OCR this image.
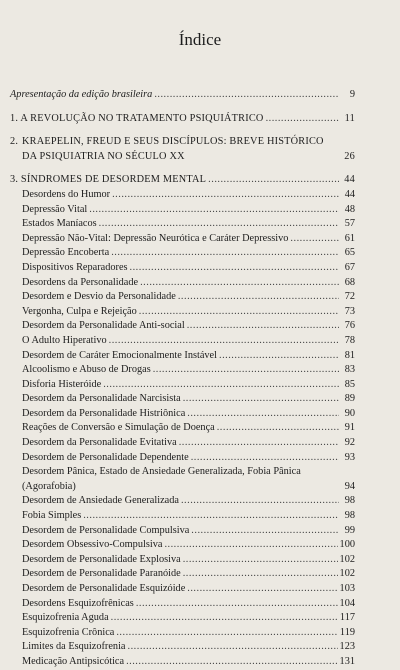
Índice
Apresentação da edição brasileira .....	9
1. A REVOLUÇÃO NO TRATAMENTO PSIQUIÁTRICO .....	11
2. KRAEPELIN, FREUD E SEUS DISCÍPULOS: BREVE HISTÓRICO
DA PSIQUIATRIA NO SÉCULO XX	26
3. SÍNDROMES DE DESORDEM MENTAL .....	44
Desordens do Humor .....	44
Depressão Vital .....	48
Estados Maníacos .....	57
Depressão Não-Vital: Depressão Neurótica e Caráter Depressivo .....	61
Depressão Encoberta .....	65
Dispositivos Reparadores .....	67
Desordens da Personalidade .....	68
Desordem e Desvio da Personalidade .....	72
Vergonha, Culpa e Rejeição .....	73
Desordem da Personalidade Anti-social .....	76
O Adulto Hiperativo .....	78
Desordem de Caráter Emocionalmente Instável .....	81
Alcoolismo e Abuso de Drogas .....	83
Disforia Histeróide .....	85
Desordem da Personalidade Narcisista .....	89
Desordem da Personalidade Histriônica .....	90
Reações de Conversão e Simulação de Doença .....	91
Desordem da Personalidade Evitativa .....	92
Desordem de Personalidade Dependente .....	93
Desordem Pânica, Estado de Ansiedade Generalizada, Fobia Pânica
(Agorafobia)	94
Desordem de Ansiedade Generalizada .....	98
Fobia Simples .....	98
Desordem de Personalidade Compulsiva .....	99
Desordem Obsessivo-Compulsiva .....	100
Desordem de Personalidade Explosiva .....	102
Desordem de Personalidade Paranóide .....	102
Desordem de Personalidade Esquizóide .....	103
Desordens Esquizofrênicas .....	104
Esquizofrenia Aguda .....	117
Esquizofrenia Crônica .....	119
Limites da Esquizofrenia .....	123
Medicação Antipsicótica .....	131
